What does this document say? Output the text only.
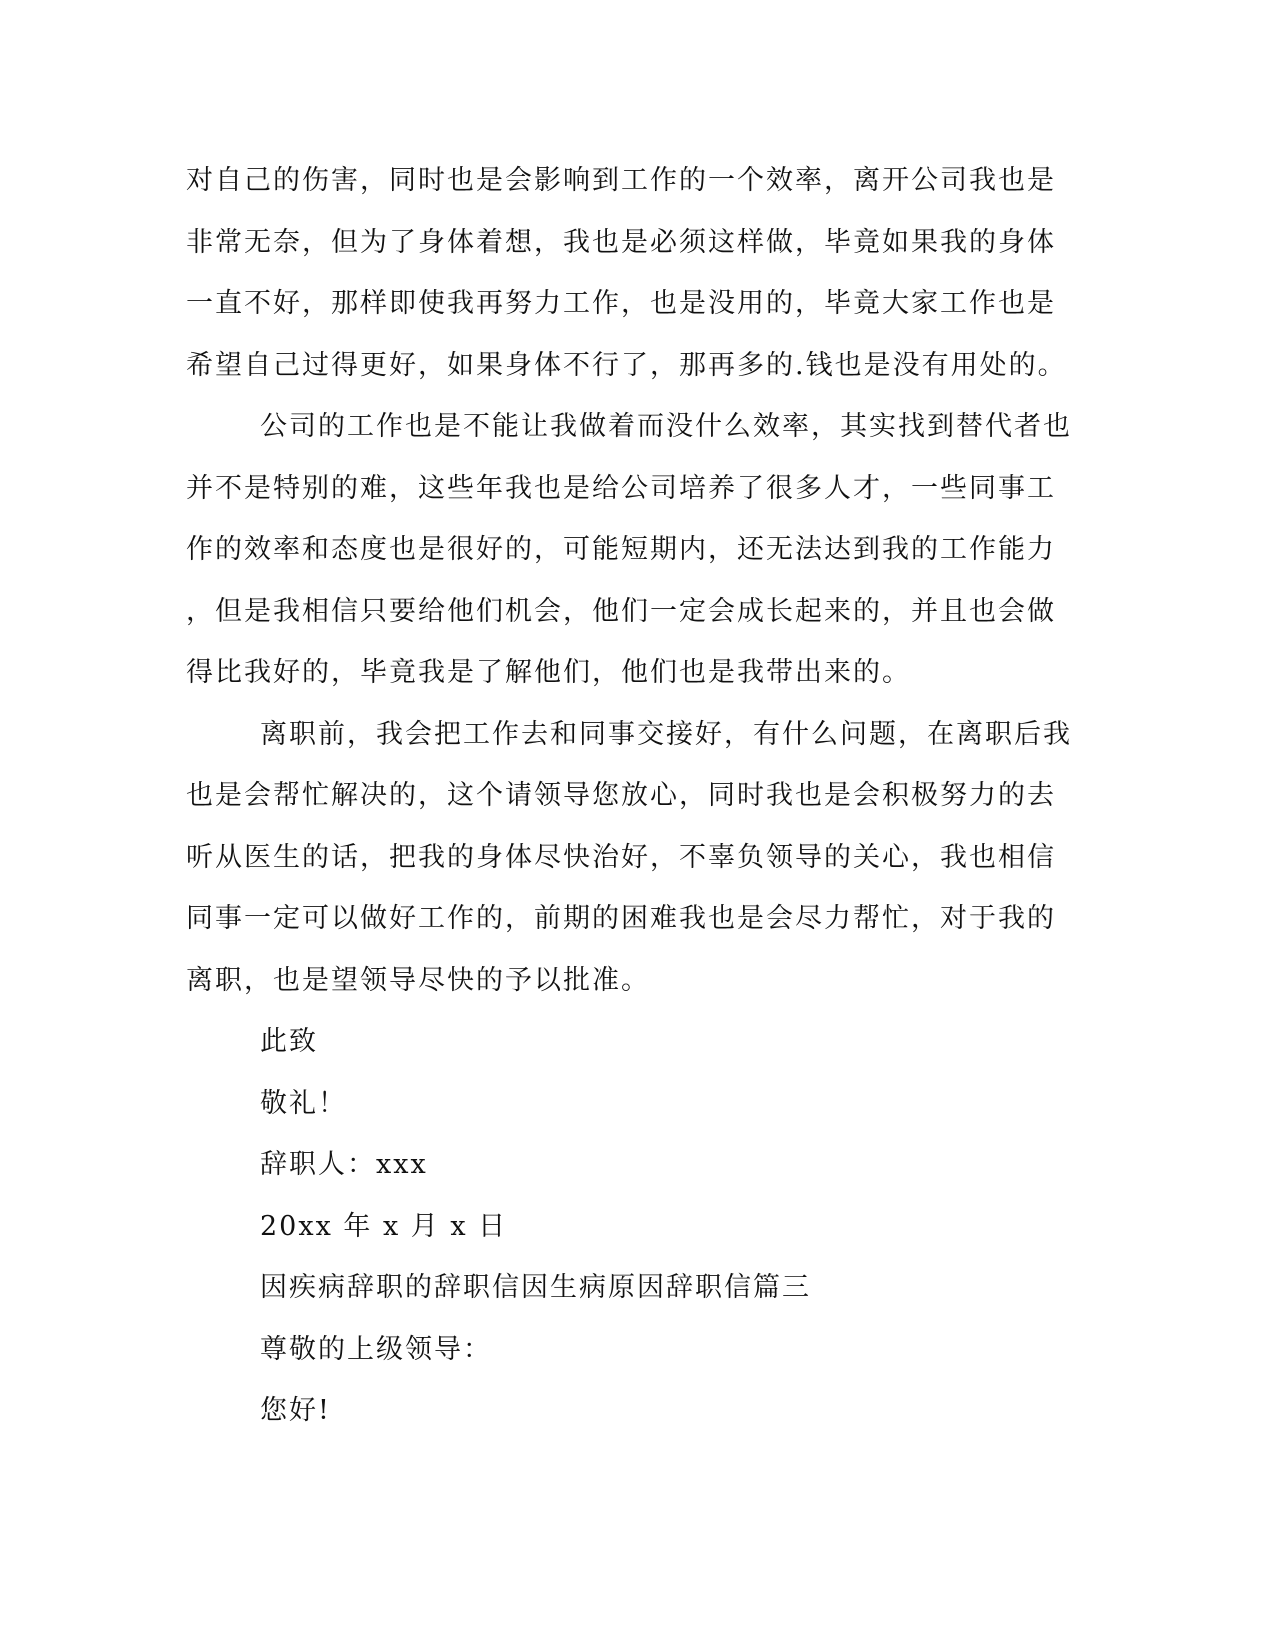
对自己的伤害，同时也是会影响到工作的一个效率，离开公司我也是
非常无奈，但为了身体着想，我也是必须这样做，毕竟如果我的身体
一直不好，那样即使我再努力工作，也是没用的，毕竟大家工作也是
希望自己过得更好，如果身体不行了，那再多的.钱也是没有用处的。
公司的工作也是不能让我做着而没什么效率，其实找到替代者也
并不是特别的难，这些年我也是给公司培养了很多人才，一些同事工
作的效率和态度也是很好的，可能短期内，还无法达到我的工作能力
，但是我相信只要给他们机会，他们一定会成长起来的，并且也会做
得比我好的，毕竟我是了解他们，他们也是我带出来的。
离职前，我会把工作去和同事交接好，有什么问题，在离职后我
也是会帮忙解决的，这个请领导您放心，同时我也是会积极努力的去
听从医生的话，把我的身体尽快治好，不辜负领导的关心，我也相信
同事一定可以做好工作的，前期的困难我也是会尽力帮忙，对于我的
离职，也是望领导尽快的予以批准。
此致
敬礼！
辞职人：xxx
20xx 年 x 月 x 日
因疾病辞职的辞职信因生病原因辞职信篇三
尊敬的上级领导：
您好!
